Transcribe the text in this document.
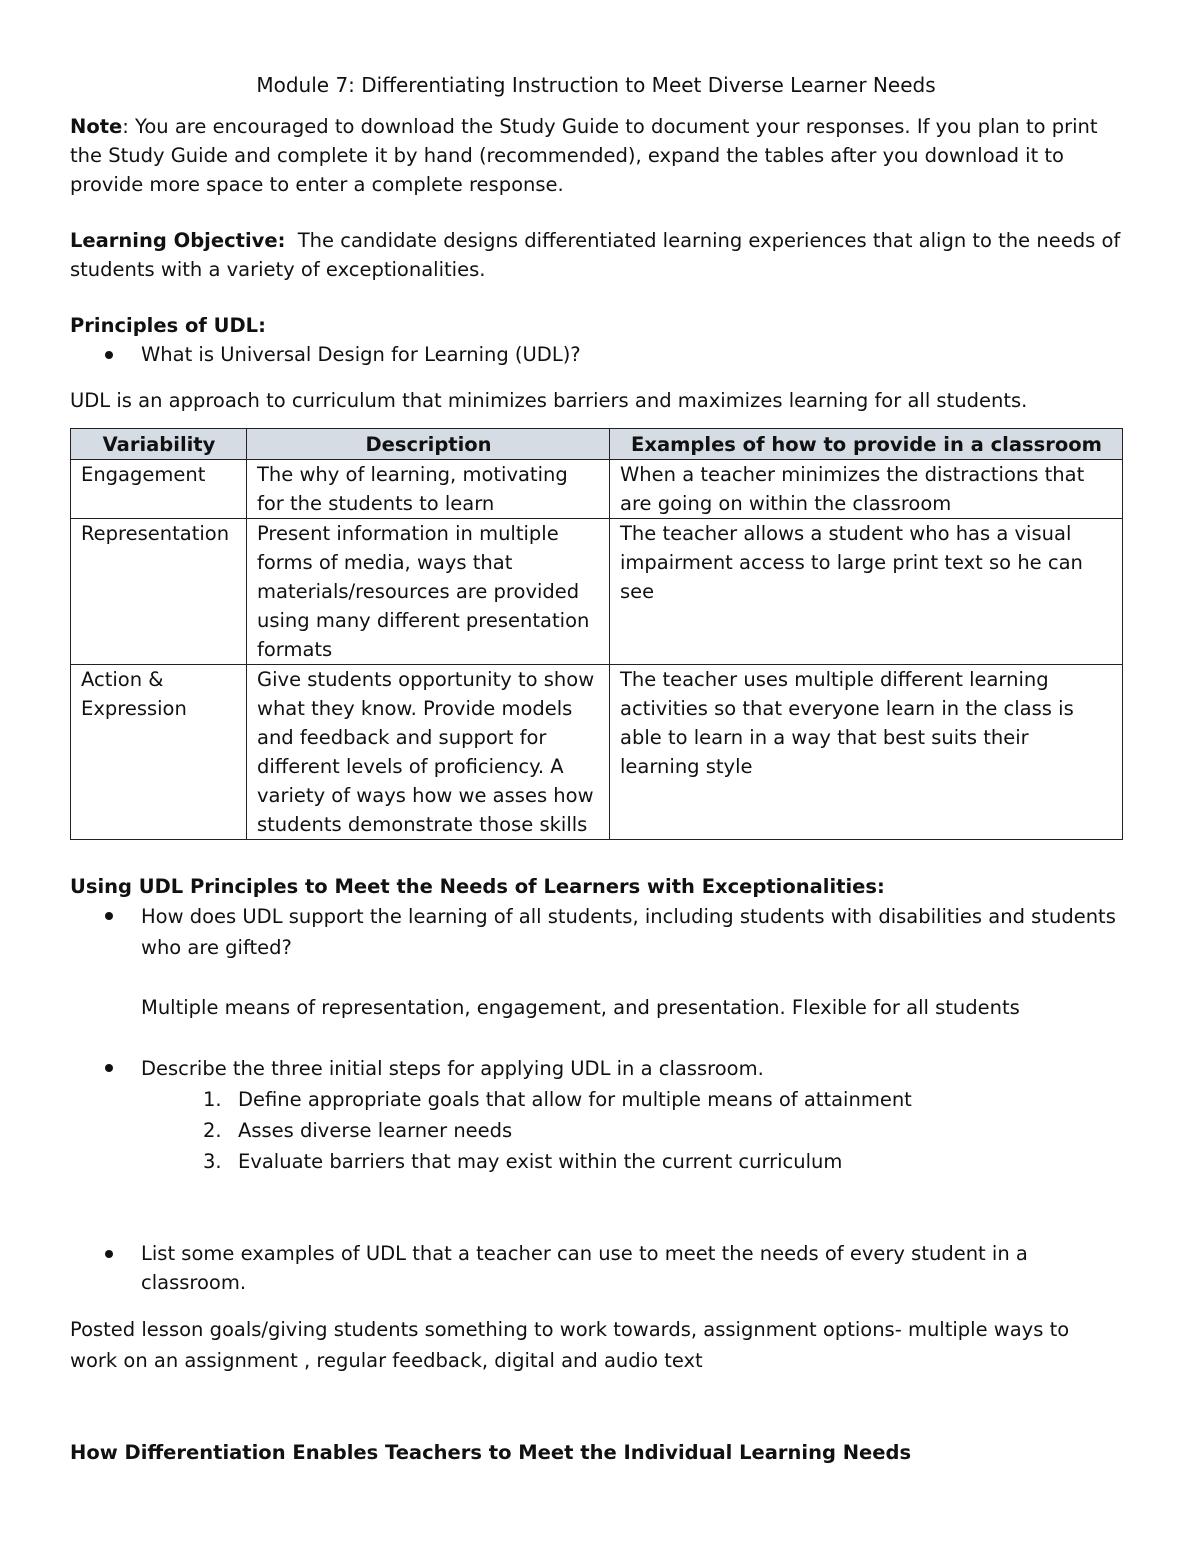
Module 7: Differentiating Instruction to Meet Diverse Learner Needs

Note: You are encouraged to download the Study Guide to document your responses. If you plan to print the Study Guide and complete it by hand (recommended), expand the tables after you download it to provide more space to enter a complete response.

Learning Objective:  The candidate designs differentiated learning experiences that align to the needs of students with a variety of exceptionalities.

Principles of UDL:

What is Universal Design for Learning (UDL)?

UDL is an approach to curriculum that minimizes barriers and maximizes learning for all students.

Variability	Description	Examples of how to provide in a classroom
Engagement	The why of learning, motivating for the students to learn	When a teacher minimizes the distractions that are going on within the classroom
Representation	Present information in multiple forms of media, ways that materials/resources are provided using many different presentation formats	The teacher allows a student who has a visual impairment access to large print text so he can see
Action & Expression	Give students opportunity to show what they know. Provide models and feedback and support for different levels of proficiency. A variety of ways how we asses how students demonstrate those skills	The teacher uses multiple different learning activities so that everyone learn in the class is able to learn in a way that best suits their learning style

Using UDL Principles to Meet the Needs of Learners with Exceptionalities:

How does UDL support the learning of all students, including students with disabilities and students who are gifted?

Multiple means of representation, engagement, and presentation. Flexible for all students

Describe the three initial steps for applying UDL in a classroom.
1. Define appropriate goals that allow for multiple means of attainment
2. Asses diverse learner needs
3. Evaluate barriers that may exist within the current curriculum
List some examples of UDL that a teacher can use to meet the needs of every student in a classroom.

Posted lesson goals/giving students something to work towards, assignment options- multiple ways to work on an assignment , regular feedback, digital and audio text

How Differentiation Enables Teachers to Meet the Individual Learning Needs
